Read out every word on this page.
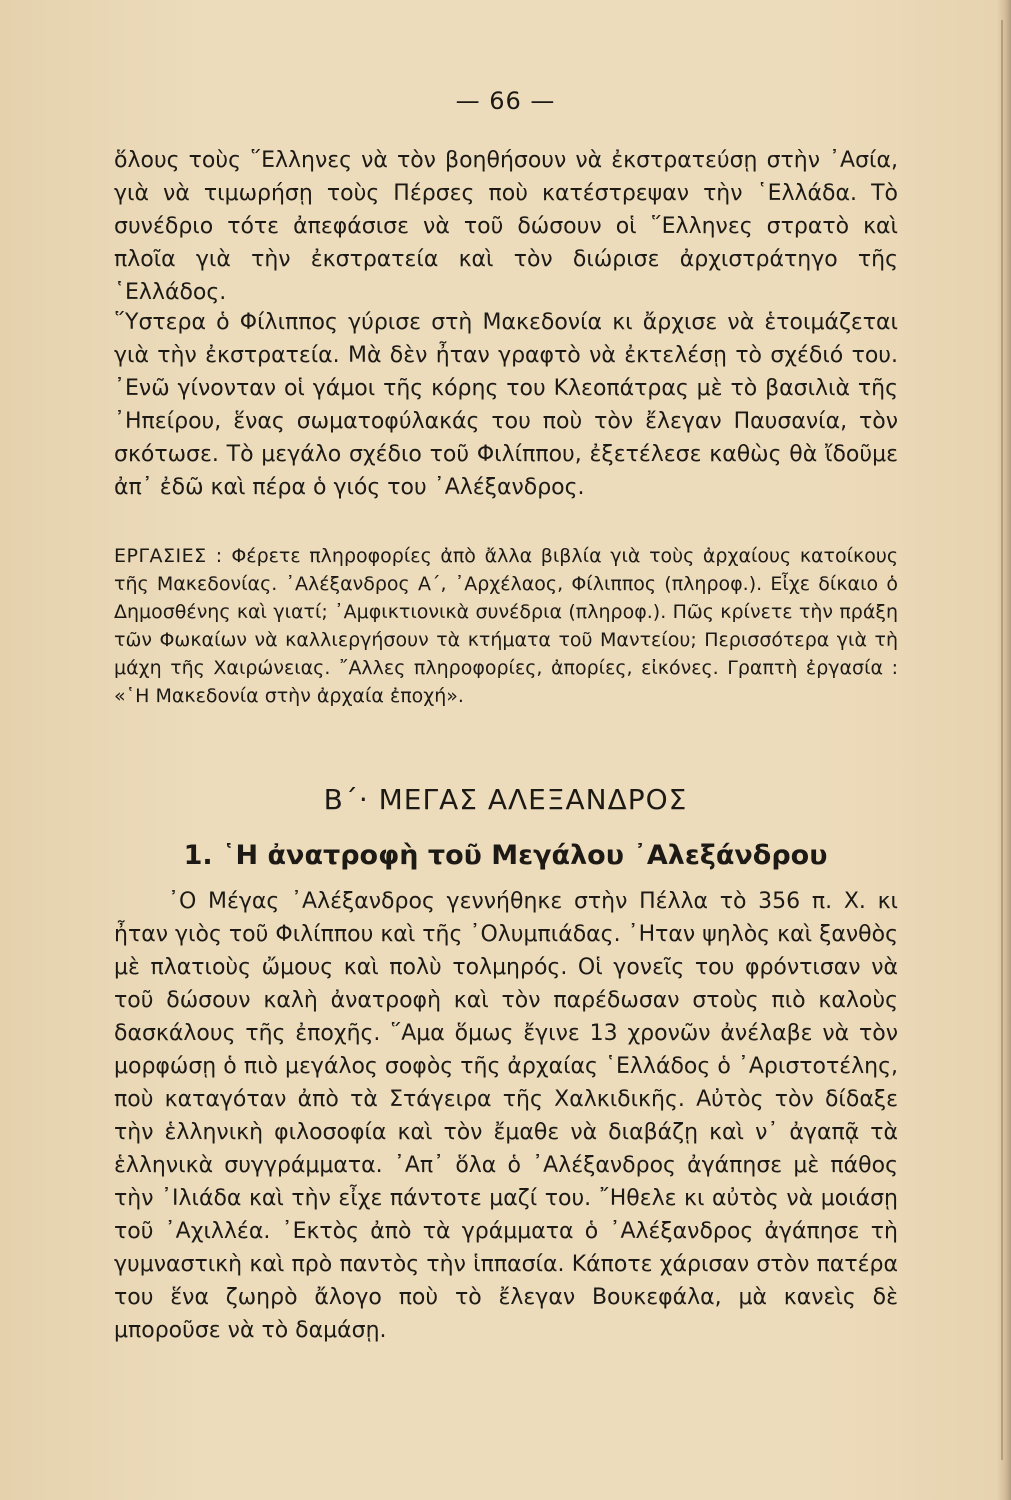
— 66 —

ὅλους τοὺς ῞Ελληνες νὰ τὸν βοηθήσουν νὰ ἐκστρατεύσῃ στὴν ᾿Ασία, γιὰ νὰ τιμωρήσῃ τοὺς Πέρσες ποὺ κατέστρεψαν τὴν ῾Ελλάδα. Τὸ συνέδριο τότε ἀπεφάσισε νὰ τοῦ δώσουν οἱ ῞Ελληνες στρατὸ καὶ πλοῖα γιὰ τὴν ἐκστρατεία καὶ τὸν διώρισε ἀρχιστράτηγο τῆς ῾Ελλάδος.

῞Υστερα ὁ Φίλιππος γύρισε στὴ Μακεδονία κι ἄρχισε νὰ ἑτοιμάζεται γιὰ τὴν ἐκστρατεία. Μὰ δὲν ἦταν γραφτὸ νὰ ἐκτελέσῃ τὸ σχέδιό του. ᾿Ενῶ γίνονταν οἱ γάμοι τῆς κόρης του Κλεοπάτρας μὲ τὸ βασιλιὰ τῆς ᾿Ηπείρου, ἕνας σωματοφύλακάς του ποὺ τὸν ἔλεγαν Παυσανία, τὸν σκότωσε. Τὸ μεγάλο σχέδιο τοῦ Φιλίππου, ἐξετέλεσε καθὼς θὰ ἴδοῦμε ἀπ᾿ ἐδῶ καὶ πέρα ὁ γιός του ᾿Αλέξανδρος.

ΕΡΓΑΣΙΕΣ : Φέρετε πληροφορίες ἀπὸ ἄλλα βιβλία γιὰ τοὺς ἀρχαίους κατοίκους τῆς Μακεδονίας. ᾿Αλέξανδρος Α΄, ᾿Αρχέλαος, Φίλιππος (πληροφ.). Εἶχε δίκαιο ὁ Δημοσθένης καὶ γιατί; ᾿Αμφικτιονικὰ συνέδρια (πληροφ.). Πῶς κρίνετε τὴν πράξη τῶν Φωκαίων νὰ καλλιεργήσουν τὰ κτήματα τοῦ Μαντείου; Περισσότερα γιὰ τὴ μάχη τῆς Χαιρώνειας. ῎Αλλες πληροφορίες, ἀπορίες, εἰκόνες. Γραπτὴ ἐργασία : «῾Η Μακεδονία στὴν ἀρχαία ἐποχή».
Β΄· ΜΕΓΑΣ ΑΛΕΞΑΝΔΡΟΣ
1. ῾Η ἀνατροφὴ τοῦ Μεγάλου ᾿Αλεξάνδρου

᾿Ο Μέγας ᾿Αλέξανδρος γεννήθηκε στὴν Πέλλα τὸ 356 π. Χ. κι ἦταν γιὸς τοῦ Φιλίππου καὶ τῆς ᾿Ολυμπιάδας. ᾿Ηταν ψηλὸς καὶ ξανθὸς μὲ πλατιοὺς ὤμους καὶ πολὺ τολμηρός. Οἱ γονεῖς του φρόντισαν νὰ τοῦ δώσουν καλὴ ἀνατροφὴ καὶ τὸν παρέδωσαν στοὺς πιὸ καλοὺς δασκάλους τῆς ἐποχῆς. ῞Αμα ὅμως ἔγινε 13 χρονῶν ἀνέλαβε νὰ τὸν μορφώσῃ ὁ πιὸ μεγάλος σοφὸς τῆς ἀρχαίας ῾Ελλάδος ὁ ᾿Αριστοτέλης, ποὺ καταγόταν ἀπὸ τὰ Στάγειρα τῆς Χαλκιδικῆς. Αὐτὸς τὸν δίδαξε τὴν ἑλληνικὴ φιλοσοφία καὶ τὸν ἔμαθε νὰ διαβάζῃ καὶ ν᾿ ἀγαπᾷ τὰ ἑλληνικὰ συγγράμματα. ᾿Απ᾿ ὅλα ὁ ᾿Αλέξανδρος ἀγάπησε μὲ πάθος τὴν ᾿Ιλιάδα καὶ τὴν εἶχε πάντοτε μαζί του. ῎Ηθελε κι αὐτὸς νὰ μοιάσῃ τοῦ ᾿Αχιλλέα. ᾿Εκτὸς ἀπὸ τὰ γράμματα ὁ ᾿Αλέξανδρος ἀγάπησε τὴ γυμναστικὴ καὶ πρὸ παντὸς τὴν ἱππασία. Κάποτε χάρισαν στὸν πατέρα του ἕνα ζωηρὸ ἄλογο ποὺ τὸ ἔλεγαν Βουκεφάλα, μὰ κανεὶς δὲ μποροῦσε νὰ τὸ δαμάσῃ.
